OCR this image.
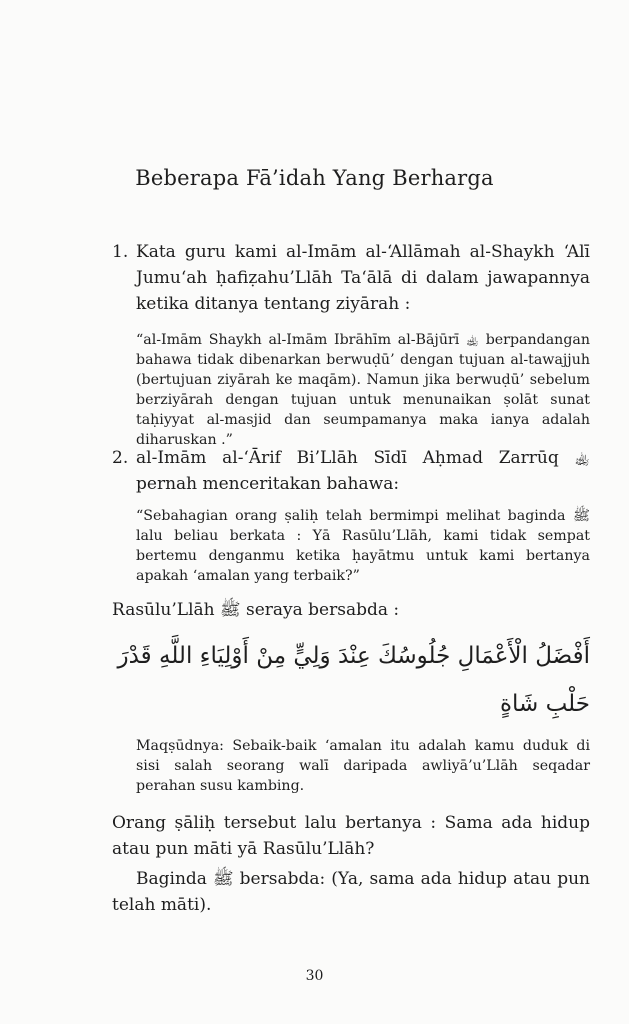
Beberapa Fā’idah Yang Berharga
1. Kata guru kami al-Imām al-‘Allāmah al-Shaykh ‘Alī Jumu‘ah ḥafiẓahu’Llāh Ta‘ālā di dalam jawapannya ketika ditanya tentang ziyārah :
“al-Imām Shaykh al-Imām Ibrāhīm al-Bājūrī ﵀ berpandangan bahawa tidak dibenarkan berwuḍū’ dengan tujuan al-tawajjuh (bertujuan ziyārah ke maqām). Namun jika berwuḍū’ sebelum berziyārah dengan tujuan untuk menunaikan ṣolāt sunat taḥiyyat al-masjid dan seumpamanya maka ianya adalah diharuskan .”
2. al-Imām al-‘Ārif Bi’Llāh Sīdī Aḥmad Zarrūq ﵀ pernah menceritakan bahawa:
“Sebahagian orang ṣaliḥ telah bermimpi melihat baginda ﷺ lalu beliau berkata : Yā Rasūlu’Llāh, kami tidak sempat bertemu denganmu ketika ḥayātmu untuk kami bertanya apakah ‘amalan yang terbaik?”
Rasūlu’Llāh ﷺ seraya bersabda :
أَفْضَلُ الْأَعْمَالِ جُلُوسُكَ عِنْدَ وَلِيٍّ مِنْ أَوْلِيَاءِ اللَّهِ قَدْرَ حَلْبِ شَاةٍ
Maqṣūdnya: Sebaik-baik ‘amalan itu adalah kamu duduk di sisi salah seorang walī daripada awliyā’u’Llāh seqadar perahan susu kambing.
Orang ṣāliḥ tersebut lalu bertanya : Sama ada hidup atau pun māti yā Rasūlu’Llāh?
Baginda ﷺ bersabda: (Ya, sama ada hidup atau pun telah māti).
30
